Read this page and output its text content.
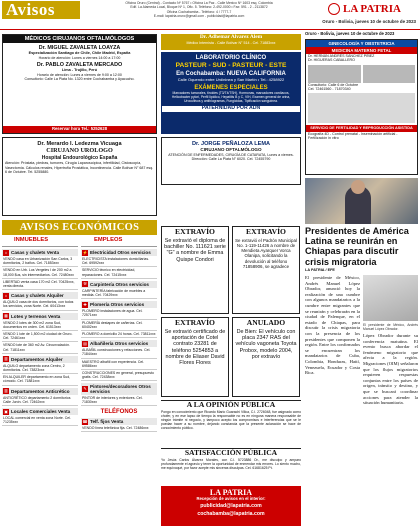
Avisos	Oficina Oruro (Central) - Contacto Nº 5767 • Oficina La Paz - Calle Mexico Nº 1603 esq. Colombia
Edif. La Alameda Local, Bloque Nº 1, Ofic. 5. Teléfono: 2-492-0000 • Fax: 591 - 2 - 2113872
Oficina Cochabamba - Teléfono: 4 / 7777-7
E-mail: lapatria.oruro@gmail.com - publicidad@lapatria.com
LA PATRIA
Oruro - Bolivia, jueves 10 de octubre de 2023
MÉDICOS CIRUJANOS OFTALMÓLOGOS
Dr. MIGUEL ZAVALETA LOAYZA
Especialización Santiago de Chile, Chile Madrid, España

Horario de atención: Lunes a viernes 14:00 a 17:00

Dr. PABLO ZAVALETA MERCADO
Lima - Trujillo, Perú

Horario de atención: Lunes a viernes de 9:00 a 12:00

Consultorio: Calle La Plata No. 1320 entre Cochabamba y Ayacucho.

Reservar hora Tel.: 5252628
Dr. Merardo I. Ledezma Vicuaga
CIRUJANO UROLOGO
Hospital Endourológico España

Atención: Próstata, piedras, tumores, Cirugía Laparoscópica, infertilidad, Cistoscopía, Vasectomía. Cálculos renales, Hipertrofia Prostática, Incontinencia. Calle Bolívar N° 687 esq. 6 de Octubre. Tel. 5255880.

AVISOS ECONÓMICOS
INMUEBLES	EMPLEOS
⌂ Casas y chalets Venta
VENDO casa en Urbanización San Carlos, 3 dormitorios, 2 baños. Cel. 71853xxx
VENDO en Urb. Los Vergeles I de 200 m2 a 18,000 $us, sin intermediarios. Cel. 72480xxx
LIBERTAD venta casa 170 m2 Cel. 70425xxx, venta directa.
⌂ Casas y chalets Alquiler
ALQUILO casa de dos dormitorios, con todos los servicios, zona Norte. Cel. 60413xxx
▦ Lotes y terrenos Venta
VENDO 2 lotes de 300 m2 zona Sud, documentos en orden. Cel. 61513xxx
VENDO 1 lote de 1,500 m2 ciudad de Oruro. Cel. 72461xxx
VENDO lote de 360 m2 Av. Circunvalación. Cel. 71811xxx
▥ Departamentos Alquiler
ALQUILO departamento zona Centro, 2 dormitorios. Cel. 73823xxx
EN ALQUILER departamento en zona Sud, cómodo. Cel. 71881xxx
▥ Departamentos Anticrético
ANTICRÉTICO departamento 2 dormitorios Calle Junín. Cel. 72462xxx
▣ Locales Comerciales Venta
LOCAL comercial en venta zona Norte. Cel. 71235xxx
⚡ Electricidad Otros servicios
ELECTRICISTA instalaciones domiciliarias. Cel. 69592xxx
SERVICIO técnico en electricidad, reparaciones. Cel. 72415xxx
⚒ Carpintería Otros servicios
CARPINTERÍA fabricación de muebles a medida. Cel. 70429xxx
✚ Plomería Otros servicios
PLOMERO instalaciones de agua. Cel. 72571xxx
PLOMERÍA destapes de cañerías. Cel. 60402xxx
PLOMERO a domicilio 24 horas. Cel. 73811xxx
▤ Albañilería Otros servicios
ALBAÑIL construcciones y refacciones. Cel. 71844xxx
MAESTRO albañil con experiencia. Cel. 69586xxx
CONSTRUCCIONES en general, presupuesto gratis. Cel. 72438xxx
✎ Pintores/decoradores Otros servicios
PINTOR de interiores y exteriores. Cel. 71830xxx
TELÉFONOS
☎ Telf. fijos Venta
VENDO línea telefónica fija. Cel. 72486xxx
Dr. Adhemar Alvarez Alem
Médico Internista - Calle Bolívar N° 514 - Cel. 71883xxx
LABORATORIO CLÍNICO
PASTEUR - SUD - PASTEUR - ESTE
En Cochabamba: NUEVA CALIFORNIA
Calle Oquendo entre Urdininea y San Martín • Tel.: 4258922
EXÁMENES ESPECIALES

Marcadores tumorales, tiroides (T3/T4/TSH), Hormonas, marcadores cardíacos, Helicobacter pylori, Perfil lipídico, Hepatitis B y C, VIH, Examen general de orina, Urocultivos y antibiogramas, Fungicidas, Tipificación sanguínea.

PATERNIDAD POR ADN
Dr. JORGE PEÑALOZA LEMA
CIRUJANO OFTALMÓLOGO

ATENCIÓN DE ENFERMEDADES, CIRUGÍA DE CATARATA, Lunes a viernes. Dirección: Calle La Plata N° 6020. Cel. 72455790

EXTRAVÍO
Se extravió el diploma de bachiller No. 111621 serie "G" a nombre de Emma Quispe Condori
EXTRAVÍO
Se extravió el Padrón Municipal No. 1-119-11426 a nombre de Mendieta Ayarquer Vorca Olanipa, solicitando la devolución al teléfono 71858906, se agradece
EXTRAVÍO
Se extravió certificado de aportación de Cotel contrato 23281 de teléfono 5254853 a nombre de Eliaser David Flores Flores
ANULADO
De Bien: El vehículo con placa 2347 RAS del vehículo vagoneta Toyota Probox, modelo 2004, por extravío
A LA OPINIÓN PÚBLICA

Pongo en conocimiento que Ricardo Mario Guarachi Villca, C.I. 2726048, fue asignado como chofer, y en ese lapso de tiempo la responsable no es en ninguna manera responsable de ningún trámite ni negocio, y tampoco acepto los compromisos e interferencias que se le puedan hacer a su nombre, dejando constancia que la presente aclaración se hace de conocimiento público.

SATISFACCIÓN PÚBLICA

Yo Jesús Carlos Álvarez Morales, con C.I. 5723886 Or., me disculpo y amparo profundamente el agravio y tener la oportunidad de enmendar mis errores. Lo siento mucho, me equivoqué, por favor acepte mis sinceras disculpas. Cel. 61681625 Pt.

LA PATRIA
Recepción de avisos en el interior:
publicidad@lapatria.com
cochabamba@lapatria.com
Oruro - Bolivia, jueves 10 de octubre de 2023
GINECOLOGÍA Y OBSTETRICIA
MEDICINA MATERNO FETAL
Dr. HERNÁN ANDRÉS SÁNCHEZ PIÑEZ
Dr. HIGUERAS CABALLERO
Consultorio: Calle 6 de Octubre
Cel. 72461560 - 71870340
SERVICIO DE FERTILIDAD Y REPRODUCCIÓN ASISTIDA
Ecografía 4D - Control prenatal - Inseminación artificial - Fertilización in vitro
Presidentes de América Latina se reunirán en Chiapas para discutir crisis migratoria
LA PATRIA / EFE
El presidente de México, Andrés Manuel López Obrador, anunció hoy la realización de una cumbre con algunos mandatarios a la cumbre entre migrantes que se reunirán y celebrarán en la ciudad de Palenque, en el estado de Chiapas, para discutir la crisis migratoria con la presencia de los presidentes que componen la región. Entre los confirmados se encuentran los mandatarios de Cuba, Colombia, Honduras, Haití, Venezuela, Ecuador y Costa Rica.
El presidente de México, Andrés Manuel López Obrador.
López Obrador durante su conferencia matutina. El evento busca abordar el fenómeno migratorio que afecta a la región. Migraciones (OIM) señalaron que los flujos migratorios requieren respuestas conjuntas entre los países de origen, tránsito y destino, y que se buscará coordinar acciones para atender la situación humanitaria.
